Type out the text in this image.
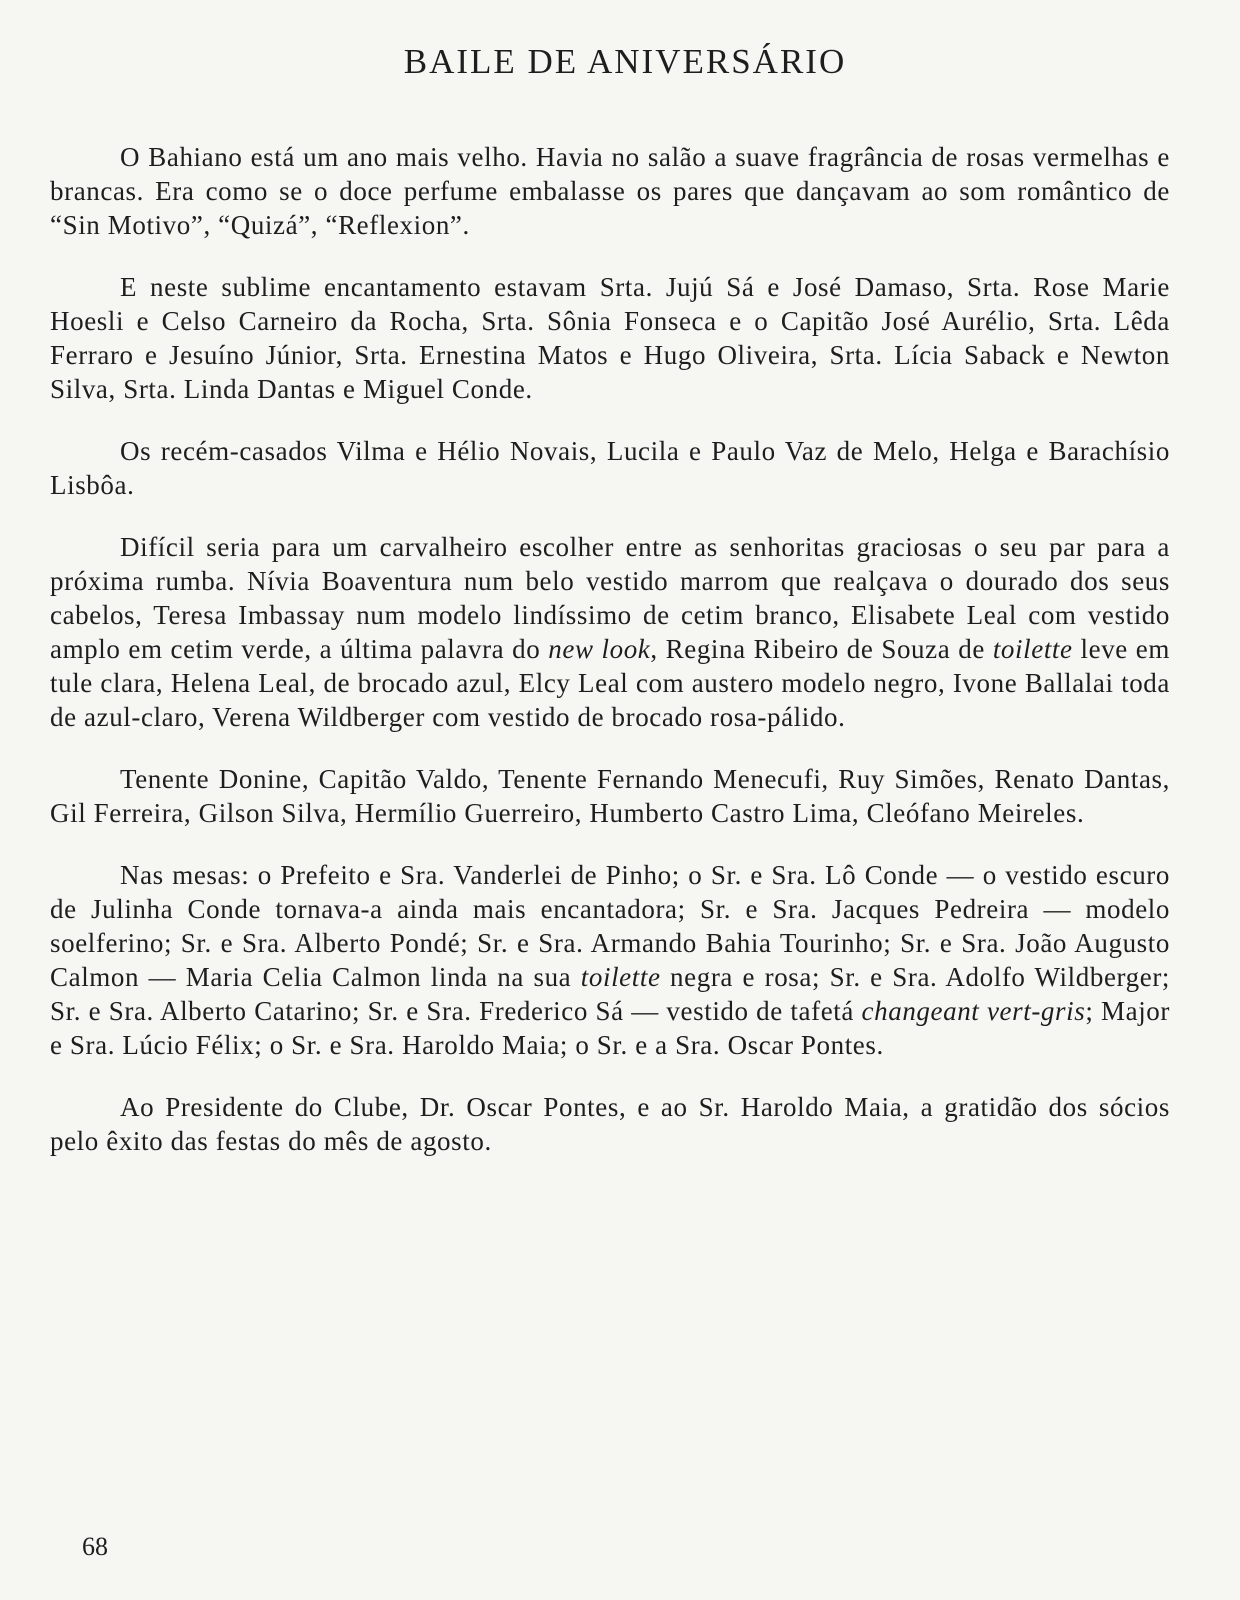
BAILE DE ANIVERSÁRIO

O Bahiano está um ano mais velho. Havia no salão a suave fragrância de rosas vermelhas e brancas. Era como se o doce perfume embalasse os pares que dançavam ao som romântico de “Sin Motivo”, “Quizá”, “Reflexion”.

E neste sublime encantamento estavam Srta. Jujú Sá e José Damaso, Srta. Rose Marie Hoesli e Celso Carneiro da Rocha, Srta. Sônia Fonseca e o Capitão José Aurélio, Srta. Lêda Ferraro e Jesuíno Júnior, Srta. Ernestina Matos e Hugo Oliveira, Srta. Lícia Saback e Newton Silva, Srta. Linda Dantas e Miguel Conde.

Os recém-casados Vilma e Hélio Novais, Lucila e Paulo Vaz de Melo, Helga e Barachísio Lisbôa.

Difícil seria para um carvalheiro escolher entre as senhoritas graciosas o seu par para a próxima rumba. Nívia Boaventura num belo vestido marrom que realçava o dourado dos seus cabelos, Teresa Imbassay num modelo lindíssimo de cetim branco, Elisabete Leal com vestido amplo em cetim verde, a última palavra do new look, Regina Ribeiro de Souza de toilette leve em tule clara, Helena Leal, de brocado azul, Elcy Leal com austero modelo negro, Ivone Ballalai toda de azul-claro, Verena Wildberger com vestido de brocado rosa-pálido.

Tenente Donine, Capitão Valdo, Tenente Fernando Menecufi, Ruy Simões, Renato Dantas, Gil Ferreira, Gilson Silva, Hermílio Guerreiro, Humberto Castro Lima, Cleófano Meireles.

Nas mesas: o Prefeito e Sra. Vanderlei de Pinho; o Sr. e Sra. Lô Conde — o vestido escuro de Julinha Conde tornava-a ainda mais encantadora; Sr. e Sra. Jacques Pedreira — modelo soelferino; Sr. e Sra. Alberto Pondé; Sr. e Sra. Armando Bahia Tourinho; Sr. e Sra. João Augusto Calmon — Maria Celia Calmon linda na sua toilette negra e rosa; Sr. e Sra. Adolfo Wildberger; Sr. e Sra. Alberto Catarino; Sr. e Sra. Frederico Sá — vestido de tafetá changeant vert-gris; Major e Sra. Lúcio Félix; o Sr. e Sra. Haroldo Maia; o Sr. e a Sra. Oscar Pontes.

Ao Presidente do Clube, Dr. Oscar Pontes, e ao Sr. Haroldo Maia, a gratidão dos sócios pelo êxito das festas do mês de agosto.

68
